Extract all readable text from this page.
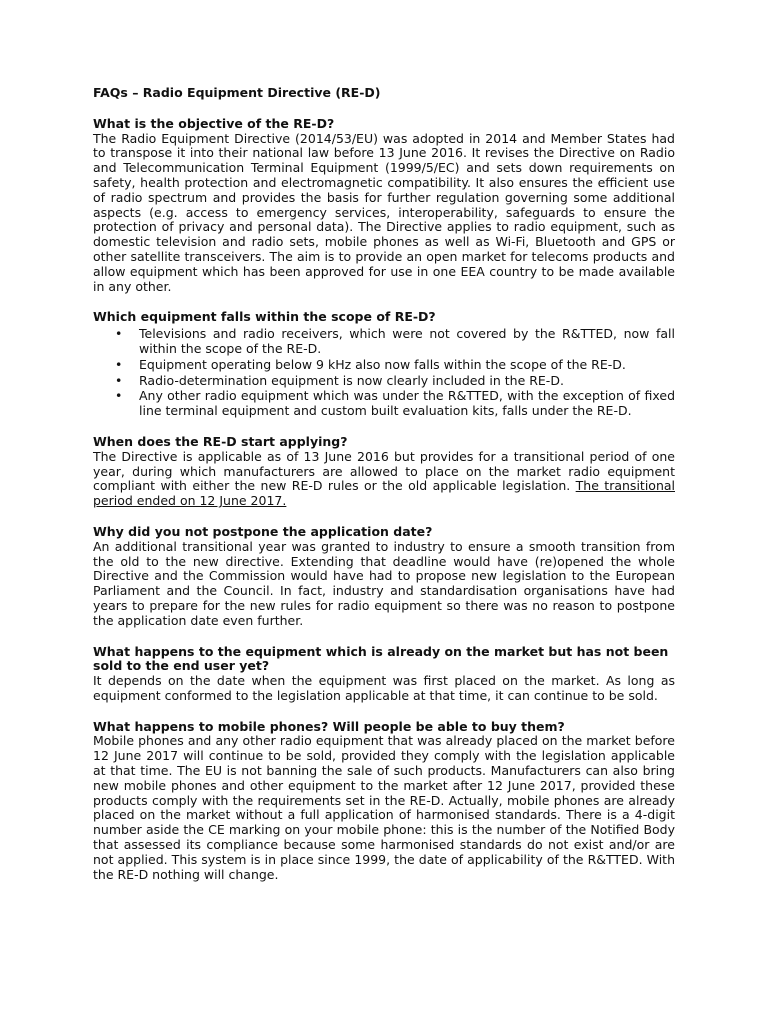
FAQs – Radio Equipment Directive (RE-D)

What is the objective of the RE-D?

The Radio Equipment Directive (2014/53/EU) was adopted in 2014 and Member States had to transpose it into their national law before 13 June 2016. It revises the Directive on Radio and Telecommunication Terminal Equipment (1999/5/EC) and sets down requirements on safety, health protection and electromagnetic compatibility. It also ensures the efficient use of radio spectrum and provides the basis for further regulation governing some additional aspects (e.g. access to emergency services, interoperability, safeguards to ensure the protection of privacy and personal data). The Directive applies to radio equipment, such as domestic television and radio sets, mobile phones as well as Wi-Fi, Bluetooth and GPS or other satellite transceivers. The aim is to provide an open market for telecoms products and allow equipment which has been approved for use in one EEA country to be made available in any other.

Which equipment falls within the scope of RE-D?

• Televisions and radio receivers, which were not covered by the R&TTED, now fall within the scope of the RE-D.
• Equipment operating below 9 kHz also now falls within the scope of the RE-D.
• Radio-determination equipment is now clearly included in the RE-D.
• Any other radio equipment which was under the R&TTED, with the exception of fixed line terminal equipment and custom built evaluation kits, falls under the RE-D.

When does the RE-D start applying?

The Directive is applicable as of 13 June 2016 but provides for a transitional period of one year, during which manufacturers are allowed to place on the market radio equipment compliant with either the new RE-D rules or the old applicable legislation. The transitional period ended on 12 June 2017.

Why did you not postpone the application date?

An additional transitional year was granted to industry to ensure a smooth transition from the old to the new directive. Extending that deadline would have (re)opened the whole Directive and the Commission would have had to propose new legislation to the European Parliament and the Council. In fact, industry and standardisation organisations have had years to prepare for the new rules for radio equipment so there was no reason to postpone the application date even further.

What happens to the equipment which is already on the market but has not been sold to the end user yet?

It depends on the date when the equipment was first placed on the market. As long as equipment conformed to the legislation applicable at that time, it can continue to be sold.

What happens to mobile phones? Will people be able to buy them?

Mobile phones and any other radio equipment that was already placed on the market before 12 June 2017 will continue to be sold, provided they comply with the legislation applicable at that time. The EU is not banning the sale of such products. Manufacturers can also bring new mobile phones and other equipment to the market after 12 June 2017, provided these products comply with the requirements set in the RE-D. Actually, mobile phones are already placed on the market without a full application of harmonised standards. There is a 4-digit number aside the CE marking on your mobile phone: this is the number of the Notified Body that assessed its compliance because some harmonised standards do not exist and/or are not applied. This system is in place since 1999, the date of applicability of the R&TTED. With the RE-D nothing will change.
